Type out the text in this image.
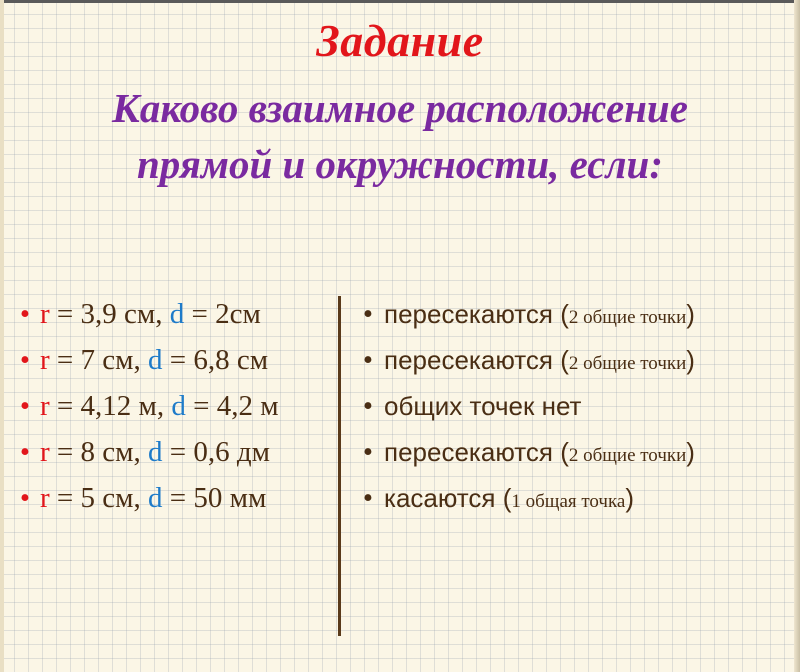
Задание
Каково взаимное расположение
прямой и окружности, если:
• r = 3,9 см, d = 2см
• r = 7 см, d = 6,8 см
• r = 4,12 м, d = 4,2 м
• r = 8 см, d = 0,6 дм
• r = 5 см, d = 50 мм
• пересекаются (2 общие точки)
• пересекаются (2 общие точки)
• общих точек нет
• пересекаются (2 общие точки)
• касаются (1 общая точка)
